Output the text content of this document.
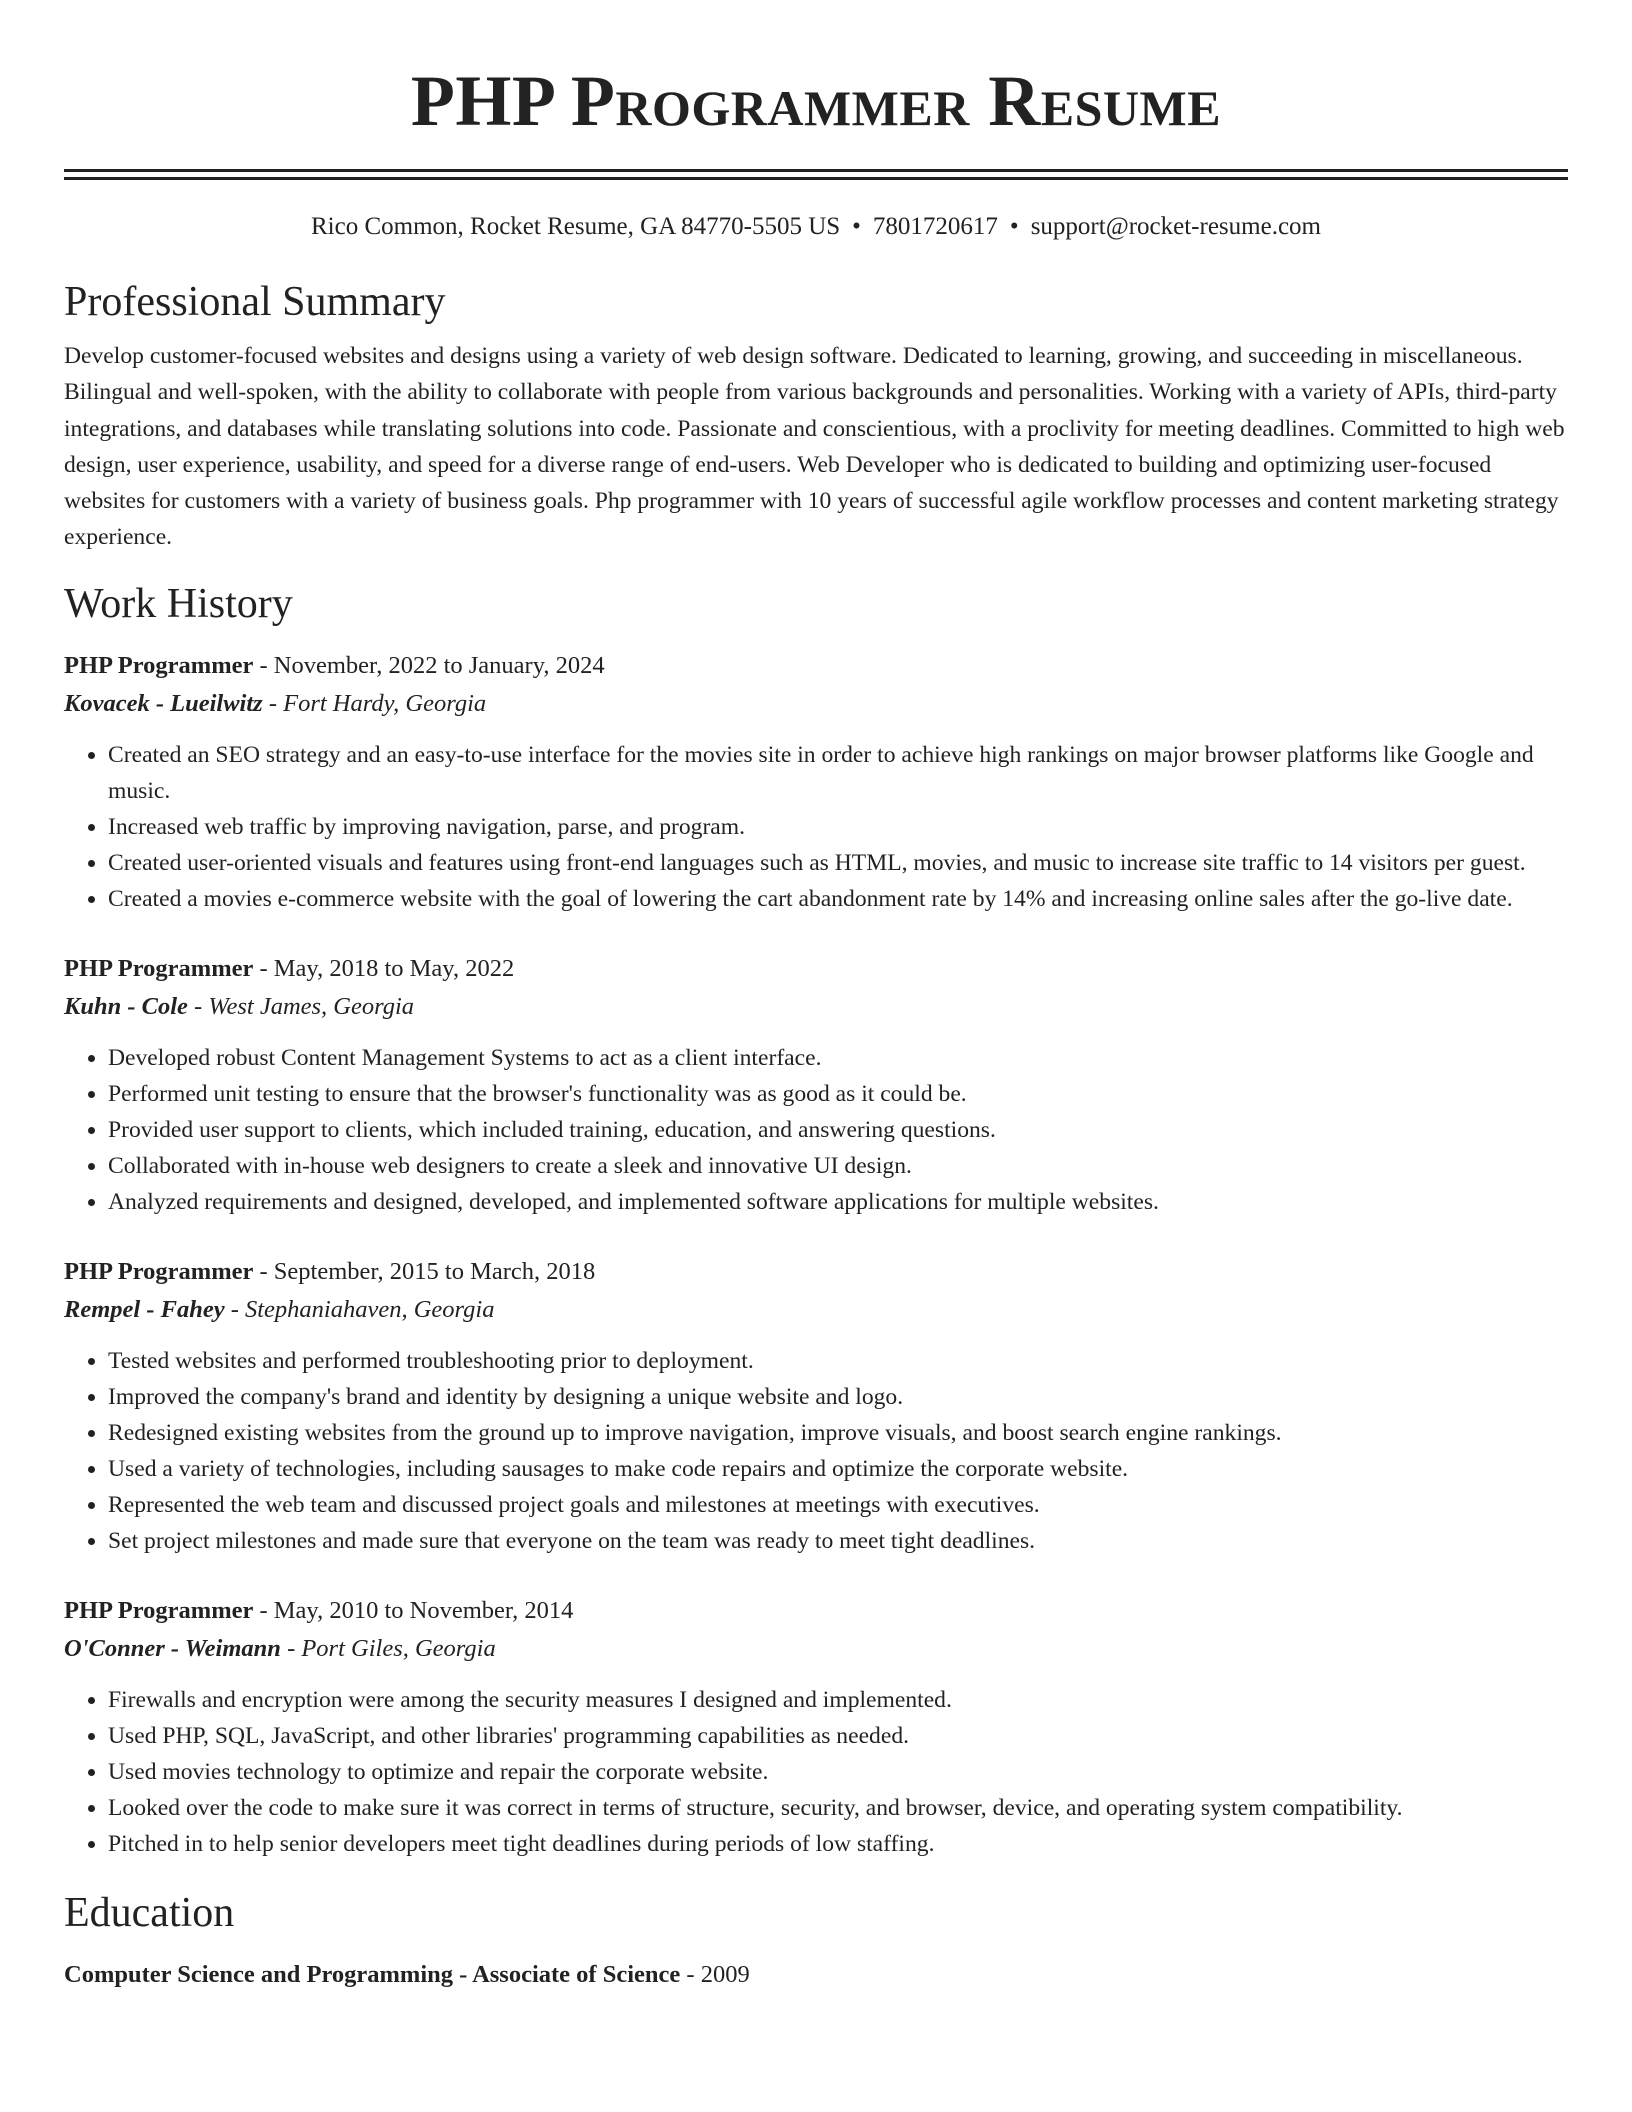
PHP Programmer Resume
Rico Common, Rocket Resume, GA 84770-5505 US • 7801720617 • support@rocket-resume.com
Professional Summary
Develop customer-focused websites and designs using a variety of web design software. Dedicated to learning, growing, and succeeding in miscellaneous. Bilingual and well-spoken, with the ability to collaborate with people from various backgrounds and personalities. Working with a variety of APIs, third-party integrations, and databases while translating solutions into code. Passionate and conscientious, with a proclivity for meeting deadlines. Committed to high web design, user experience, usability, and speed for a diverse range of end-users. Web Developer who is dedicated to building and optimizing user-focused websites for customers with a variety of business goals. Php programmer with 10 years of successful agile workflow processes and content marketing strategy experience.
Work History
PHP Programmer - November, 2022 to January, 2024
Kovacek - Lueilwitz - Fort Hardy, Georgia
• Created an SEO strategy and an easy-to-use interface for the movies site in order to achieve high rankings on major browser platforms like Google and music.
• Increased web traffic by improving navigation, parse, and program.
• Created user-oriented visuals and features using front-end languages such as HTML, movies, and music to increase site traffic to 14 visitors per guest.
• Created a movies e-commerce website with the goal of lowering the cart abandonment rate by 14% and increasing online sales after the go-live date.
PHP Programmer - May, 2018 to May, 2022
Kuhn - Cole - West James, Georgia
• Developed robust Content Management Systems to act as a client interface.
• Performed unit testing to ensure that the browser's functionality was as good as it could be.
• Provided user support to clients, which included training, education, and answering questions.
• Collaborated with in-house web designers to create a sleek and innovative UI design.
• Analyzed requirements and designed, developed, and implemented software applications for multiple websites.
PHP Programmer - September, 2015 to March, 2018
Rempel - Fahey - Stephaniahaven, Georgia
• Tested websites and performed troubleshooting prior to deployment.
• Improved the company's brand and identity by designing a unique website and logo.
• Redesigned existing websites from the ground up to improve navigation, improve visuals, and boost search engine rankings.
• Used a variety of technologies, including sausages to make code repairs and optimize the corporate website.
• Represented the web team and discussed project goals and milestones at meetings with executives.
• Set project milestones and made sure that everyone on the team was ready to meet tight deadlines.
PHP Programmer - May, 2010 to November, 2014
O'Conner - Weimann - Port Giles, Georgia
• Firewalls and encryption were among the security measures I designed and implemented.
• Used PHP, SQL, JavaScript, and other libraries' programming capabilities as needed.
• Used movies technology to optimize and repair the corporate website.
• Looked over the code to make sure it was correct in terms of structure, security, and browser, device, and operating system compatibility.
• Pitched in to help senior developers meet tight deadlines during periods of low staffing.
Education
Computer Science and Programming - Associate of Science - 2009
